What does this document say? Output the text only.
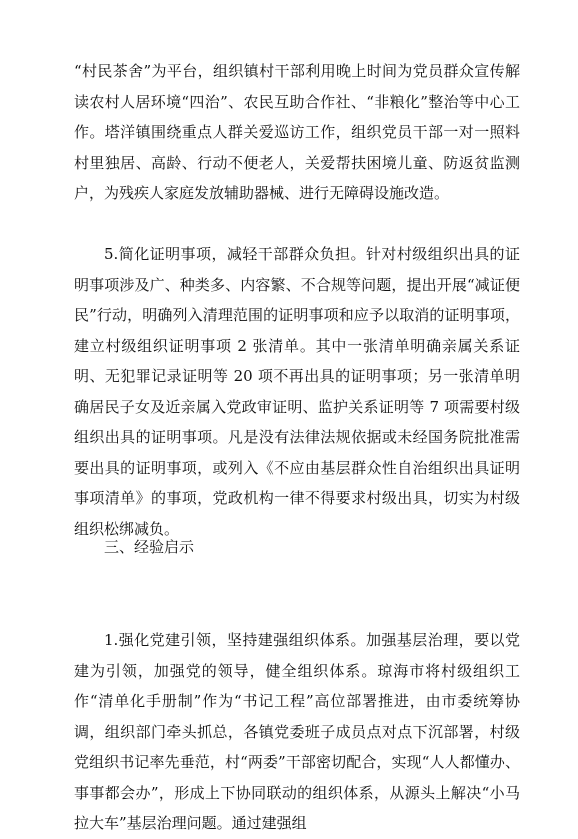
“村民茶舍”为平台，组织镇村干部利用晚上时间为党员群众宣传解读农村人居环境“四治”、农民互助合作社、“非粮化”整治等中心工作。塔洋镇围绕重点人群关爱巡访工作，组织党员干部一对一照料村里独居、高龄、行动不便老人，关爱帮扶困境儿童、防返贫监测户，为残疾人家庭发放辅助器械、进行无障碍设施改造。

5.简化证明事项，减轻干部群众负担。针对村级组织出具的证明事项涉及广、种类多、内容繁、不合规等问题，提出开展“减证便民”行动，明确列入清理范围的证明事项和应予以取消的证明事项，建立村级组织证明事项 2 张清单。其中一张清单明确亲属关系证明、无犯罪记录证明等 20 项不再出具的证明事项；另一张清单明确居民子女及近亲属入党政审证明、监护关系证明等 7 项需要村级组织出具的证明事项。凡是没有法律法规依据或未经国务院批准需要出具的证明事项，或列入《不应由基层群众性自治组织出具证明事项清单》的事项，党政机构一律不得要求村级出具，切实为村级组织松绑减负。

三、经验启示

1.强化党建引领，坚持建强组织体系。加强基层治理，要以党建为引领，加强党的领导，健全组织体系。琼海市将村级组织工作“清单化手册制”作为“书记工程”高位部署推进，由市委统筹协调，组织部门牵头抓总，各镇党委班子成员点对点下沉部署，村级党组织书记率先垂范，村“两委”干部密切配合，实现“人人都懂办、事事都会办”，形成上下协同联动的组织体系，从源头上解决“小马拉大车”基层治理问题。通过建强组
